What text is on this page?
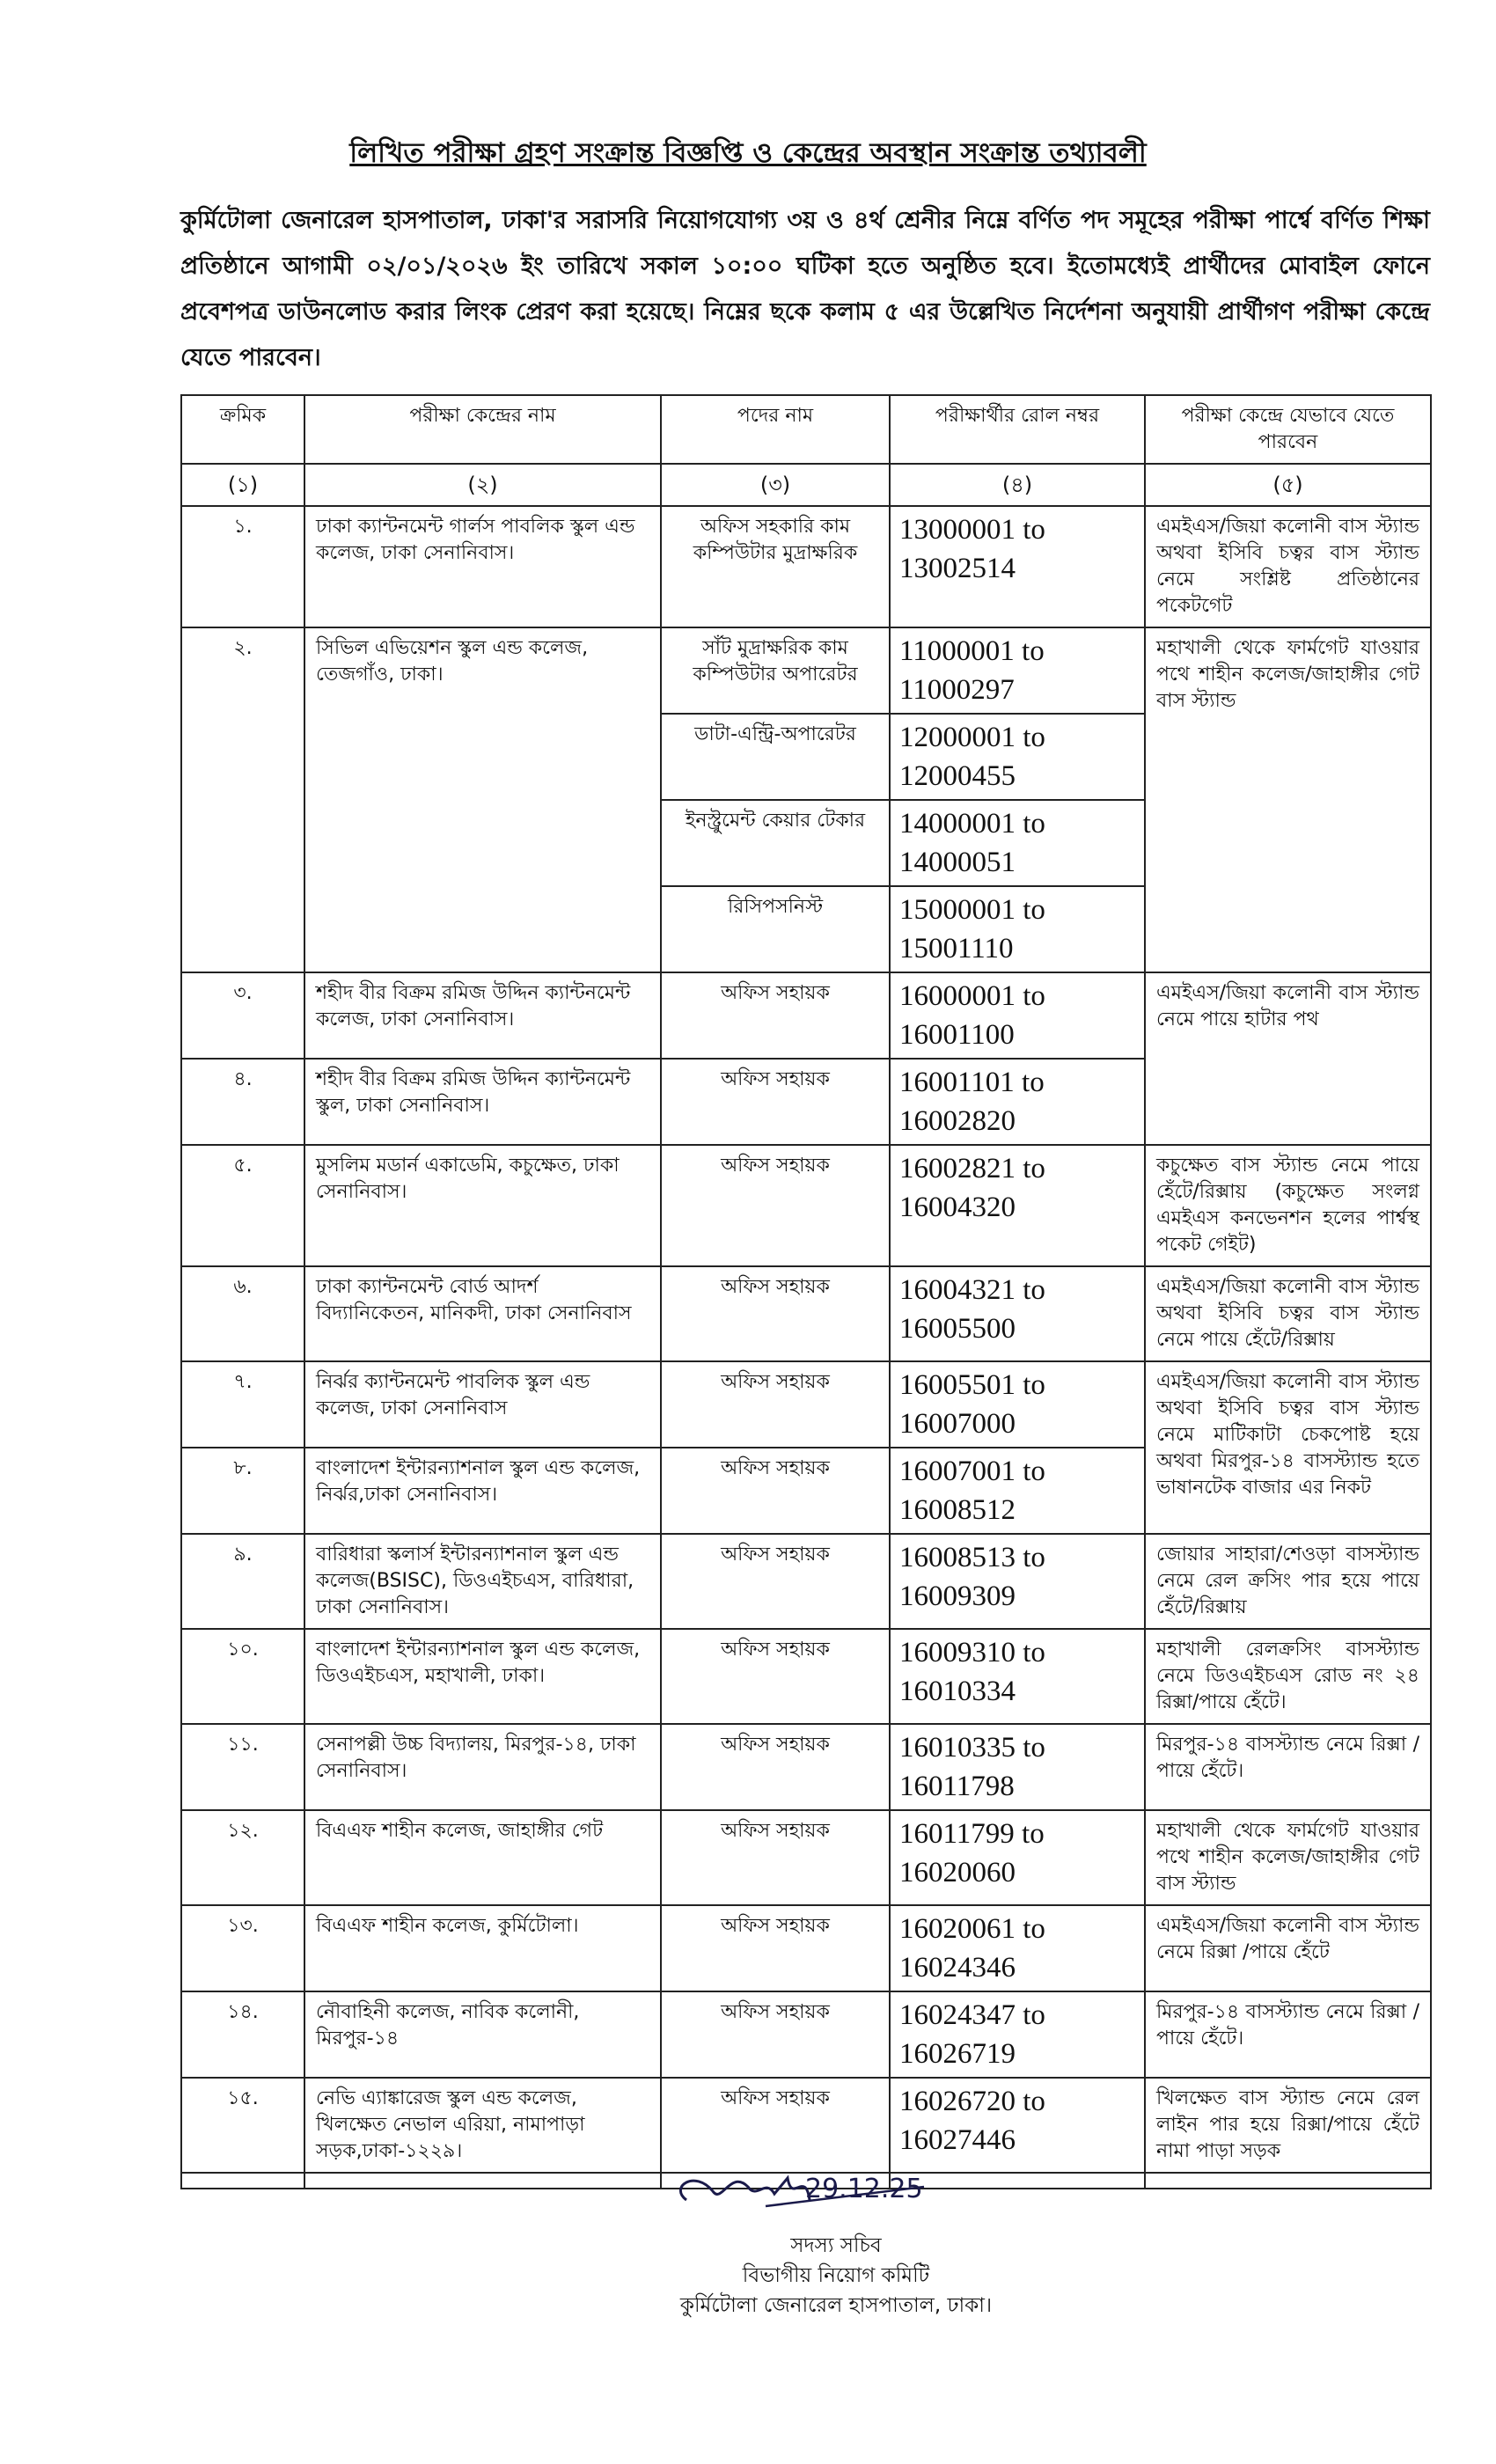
লিখিত পরীক্ষা গ্রহণ সংক্রান্ত বিজ্ঞপ্তি ও কেন্দ্রের অবস্থান সংক্রান্ত তথ্যাবলী
কুর্মিটোলা জেনারেল হাসপাতাল, ঢাকা'র সরাসরি নিয়োগযোগ্য ৩য় ও ৪র্থ শ্রেনীর নিম্নে বর্ণিত পদ সমূহের পরীক্ষা পার্শ্বে বর্ণিত শিক্ষা প্রতিষ্ঠানে আগামী ০২/০১/২০২৬ ইং তারিখে সকাল ১০:০০ ঘটিকা হতে অনুষ্ঠিত হবে। ইতোমধ্যেই প্রার্থীদের মোবাইল ফোনে প্রবেশপত্র ডাউনলোড করার লিংক প্রেরণ করা হয়েছে। নিম্নের ছকে কলাম ৫ এর উল্লেখিত নির্দেশনা অনুযায়ী প্রার্থীগণ পরীক্ষা কেন্দ্রে যেতে পারবেন।
ক্রমিক	পরীক্ষা কেন্দ্রের নাম	পদের নাম	পরীক্ষার্থীর রোল নম্বর	পরীক্ষা কেন্দ্রে যেভাবে যেতে পারবেন
(১)	(২)	(৩)	(৪)	(৫)
১.	ঢাকা ক্যান্টনমেন্ট গার্লস পাবলিক স্কুল এন্ড কলেজ, ঢাকা সেনানিবাস।	অফিস সহকারি কাম কম্পিউটার মুদ্রাক্ষরিক	13000001 to 13002514	এমইএস/জিয়া কলোনী বাস স্ট্যান্ড অথবা ইসিবি চত্বর বাস স্ট্যান্ড নেমে সংশ্লিষ্ট প্রতিষ্ঠানের পকেটগেট
২.	সিভিল এভিয়েশন স্কুল এন্ড কলেজ, তেজগাঁও, ঢাকা।	সাঁট মুদ্রাক্ষরিক কাম কম্পিউটার অপারেটর	11000001 to 11000297	মহাখালী থেকে ফার্মগেট যাওয়ার পথে শাহীন কলেজ/জাহাঙ্গীর গেট বাস স্ট্যান্ড
		ডাটা-এন্ট্রি-অপারেটর	12000001 to 12000455	
		ইনস্ট্রুমেন্ট কেয়ার টেকার	14000001 to 14000051	
		রিসিপসনিস্ট	15000001 to 15001110	
৩.	শহীদ বীর বিক্রম রমিজ উদ্দিন ক্যান্টনমেন্ট কলেজ, ঢাকা সেনানিবাস।	অফিস সহায়ক	16000001 to 16001100	এমইএস/জিয়া কলোনী বাস স্ট্যান্ড নেমে পায়ে হাটার পথ
৪.	শহীদ বীর বিক্রম রমিজ উদ্দিন ক্যান্টনমেন্ট স্কুল, ঢাকা সেনানিবাস।	অফিস সহায়ক	16001101 to 16002820	
৫.	মুসলিম মডার্ন একাডেমি, কচুক্ষেত, ঢাকা সেনানিবাস।	অফিস সহায়ক	16002821 to 16004320	কচুক্ষেত বাস স্ট্যান্ড নেমে পায়ে হেঁটে/রিক্সায় (কচুক্ষেত সংলগ্ন এমইএস কনভেনশন হলের পার্শ্বস্থ পকেট গেইট)
৬.	ঢাকা ক্যান্টনমেন্ট বোর্ড আদর্শ বিদ্যানিকেতন, মানিকদী, ঢাকা সেনানিবাস	অফিস সহায়ক	16004321 to 16005500	এমইএস/জিয়া কলোনী বাস স্ট্যান্ড অথবা ইসিবি চত্বর বাস স্ট্যান্ড নেমে পায়ে হেঁটে/রিক্সায়
৭.	নির্ঝর ক্যান্টনমেন্ট পাবলিক স্কুল এন্ড কলেজ, ঢাকা সেনানিবাস	অফিস সহায়ক	16005501 to 16007000	এমইএস/জিয়া কলোনী বাস স্ট্যান্ড অথবা ইসিবি চত্বর বাস স্ট্যান্ড নেমে মাটিকাটা চেকপোষ্ট হয়ে অথবা মিরপুর-১৪ বাসস্ট্যান্ড হতে ভাষানটেক বাজার এর নিকট
৮.	বাংলাদেশ ইন্টারন্যাশনাল স্কুল এন্ড কলেজ, নির্ঝর,ঢাকা সেনানিবাস।	অফিস সহায়ক	16007001 to 16008512	
৯.	বারিধারা স্কলার্স ইন্টারন্যাশনাল স্কুল এন্ড কলেজ(BSISC), ডিওএইচএস, বারিধারা, ঢাকা সেনানিবাস।	অফিস সহায়ক	16008513 to 16009309	জোয়ার সাহারা/শেওড়া বাসস্ট্যান্ড নেমে রেল ক্রসিং পার হয়ে পায়ে হেঁটে/রিক্সায়
১০.	বাংলাদেশ ইন্টারন্যাশনাল স্কুল এন্ড কলেজ, ডিওএইচএস, মহাখালী, ঢাকা।	অফিস সহায়ক	16009310 to 16010334	মহাখালী রেলক্রসিং বাসস্ট্যান্ড নেমে ডিওএইচএস রোড নং ২৪ রিক্সা/পায়ে হেঁটে।
১১.	সেনাপল্লী উচ্চ বিদ্যালয়, মিরপুর-১৪, ঢাকা সেনানিবাস।	অফিস সহায়ক	16010335 to 16011798	মিরপুর-১৪ বাসস্ট্যান্ড নেমে রিক্সা /পায়ে হেঁটে।
১২.	বিএএফ শাহীন কলেজ, জাহাঙ্গীর গেট	অফিস সহায়ক	16011799 to 16020060	মহাখালী থেকে ফার্মগেট যাওয়ার পথে শাহীন কলেজ/জাহাঙ্গীর গেট বাস স্ট্যান্ড
১৩.	বিএএফ শাহীন কলেজ, কুর্মিটোলা।	অফিস সহায়ক	16020061 to 16024346	এমইএস/জিয়া কলোনী বাস স্ট্যান্ড নেমে রিক্সা /পায়ে হেঁটে
১৪.	নৌবাহিনী কলেজ, নাবিক কলোনী, মিরপুর-১৪	অফিস সহায়ক	16024347 to 16026719	মিরপুর-১৪ বাসস্ট্যান্ড নেমে রিক্সা /পায়ে হেঁটে।
১৫.	নেভি এ্যাঙ্কারেজ স্কুল এন্ড কলেজ, খিলক্ষেত নেভাল এরিয়া, নামাপাড়া সড়ক,ঢাকা-১২২৯।	অফিস সহায়ক	16026720 to 16027446	খিলক্ষেত বাস স্ট্যান্ড নেমে রেল লাইন পার হয়ে রিক্সা/পায়ে হেঁটে নামা পাড়া সড়ক

29.12.25
সদস্য সচিব
বিভাগীয় নিয়োগ কমিটি
কুর্মিটোলা জেনারেল হাসপাতাল, ঢাকা।
